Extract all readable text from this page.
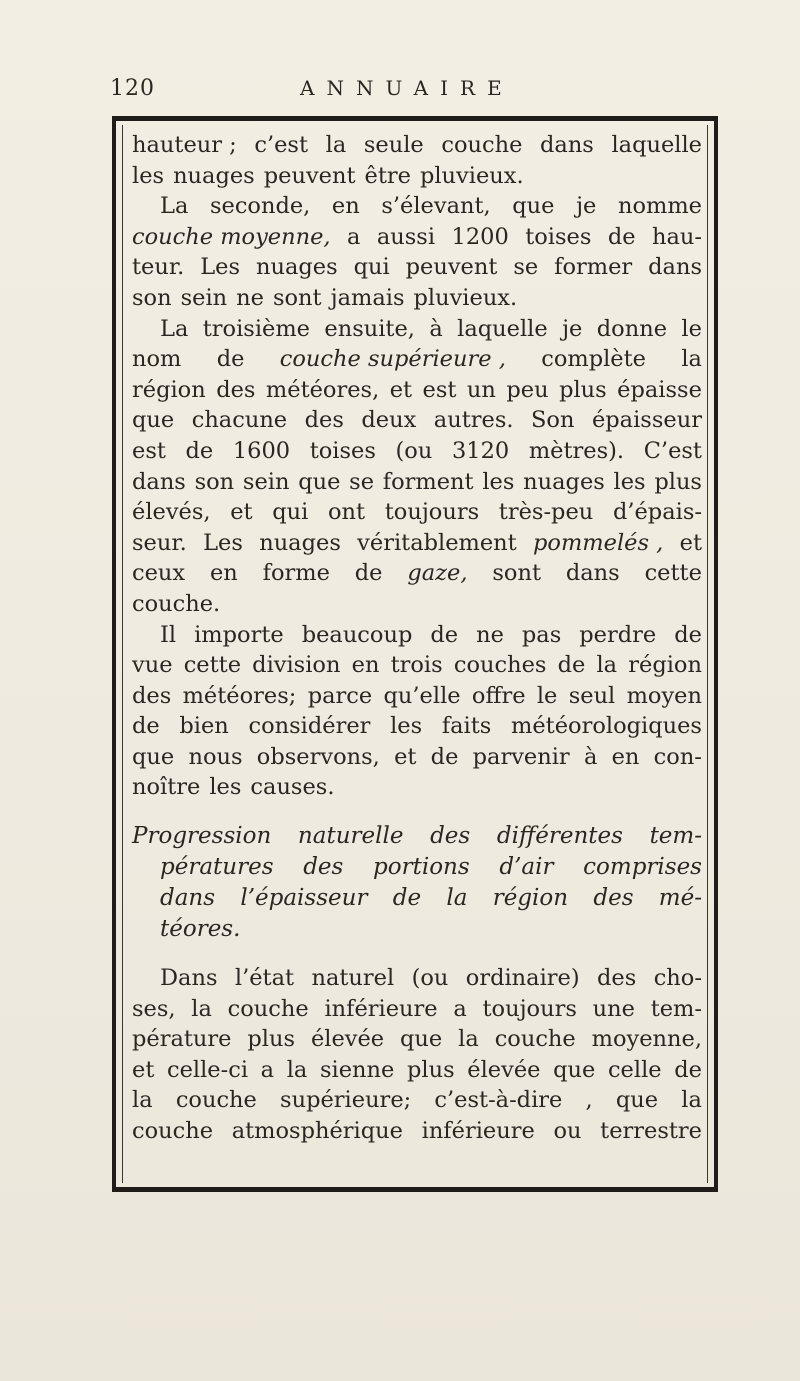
120	ANNUAIRE
hauteur ; c’est la seule couche dans laquelle
les nuages peuvent être pluvieux.
La seconde, en s’élevant, que je nomme
couche moyenne, a aussi 1200 toises de hau-
teur. Les nuages qui peuvent se former dans
son sein ne sont jamais pluvieux.
La troisième ensuite, à laquelle je donne le
nom de couche supérieure , complète la
région des météores, et est un peu plus épaisse
que chacune des deux autres. Son épaisseur
est de 1600 toises (ou 3120 mètres). C’est
dans son sein que se forment les nuages les plus
élevés, et qui ont toujours très-peu d’épais-
seur. Les nuages véritablement pommelés , et
ceux en forme de gaze, sont dans cette
couche.
Il importe beaucoup de ne pas perdre de
vue cette division en trois couches de la région
des météores; parce qu’elle offre le seul moyen
de bien considérer les faits météorologiques
que nous observons, et de parvenir à en con-
noître les causes.
Progression naturelle des différentes tem-
pératures des portions d’air comprises
dans l’épaisseur de la région des mé-
téores.
Dans l’état naturel (ou ordinaire) des cho-
ses, la couche inférieure a toujours une tem-
pérature plus élevée que la couche moyenne,
et celle-ci a la sienne plus élevée que celle de
la couche supérieure; c’est-à-dire , que la
couche atmosphérique inférieure ou terrestre
